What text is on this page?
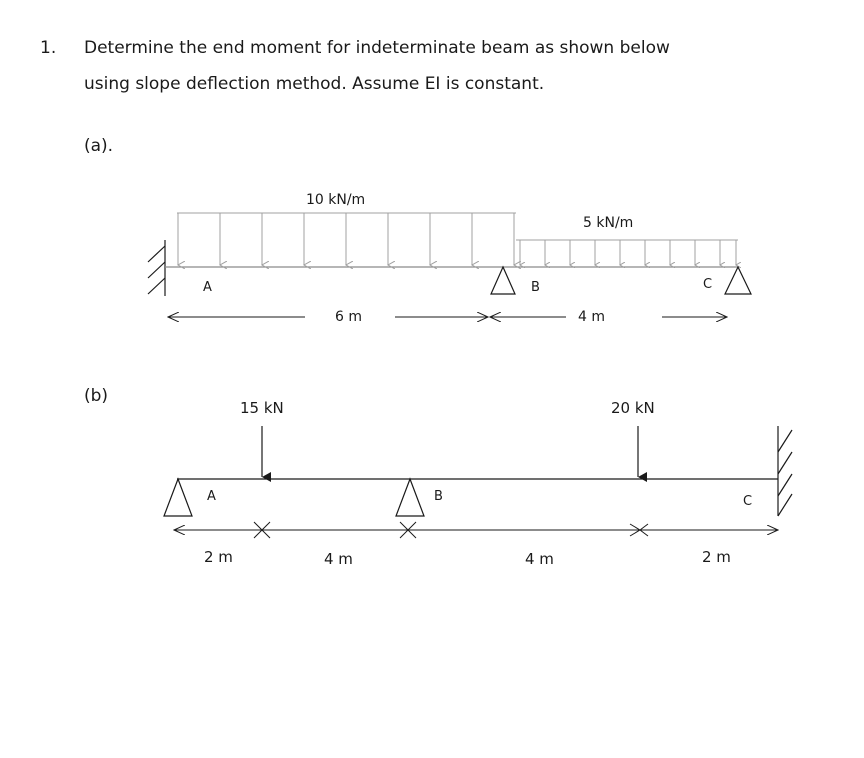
1. Determine the end moment for indeterminate beam as shown below
using slope deflection method. Assume EI is constant.
(a).
(b)
10 kN/m
5 kN/m
A	B	C
6 m	4 m
15 kN	20 kN
A	B	C
2 m	4 m	4 m	2 m
